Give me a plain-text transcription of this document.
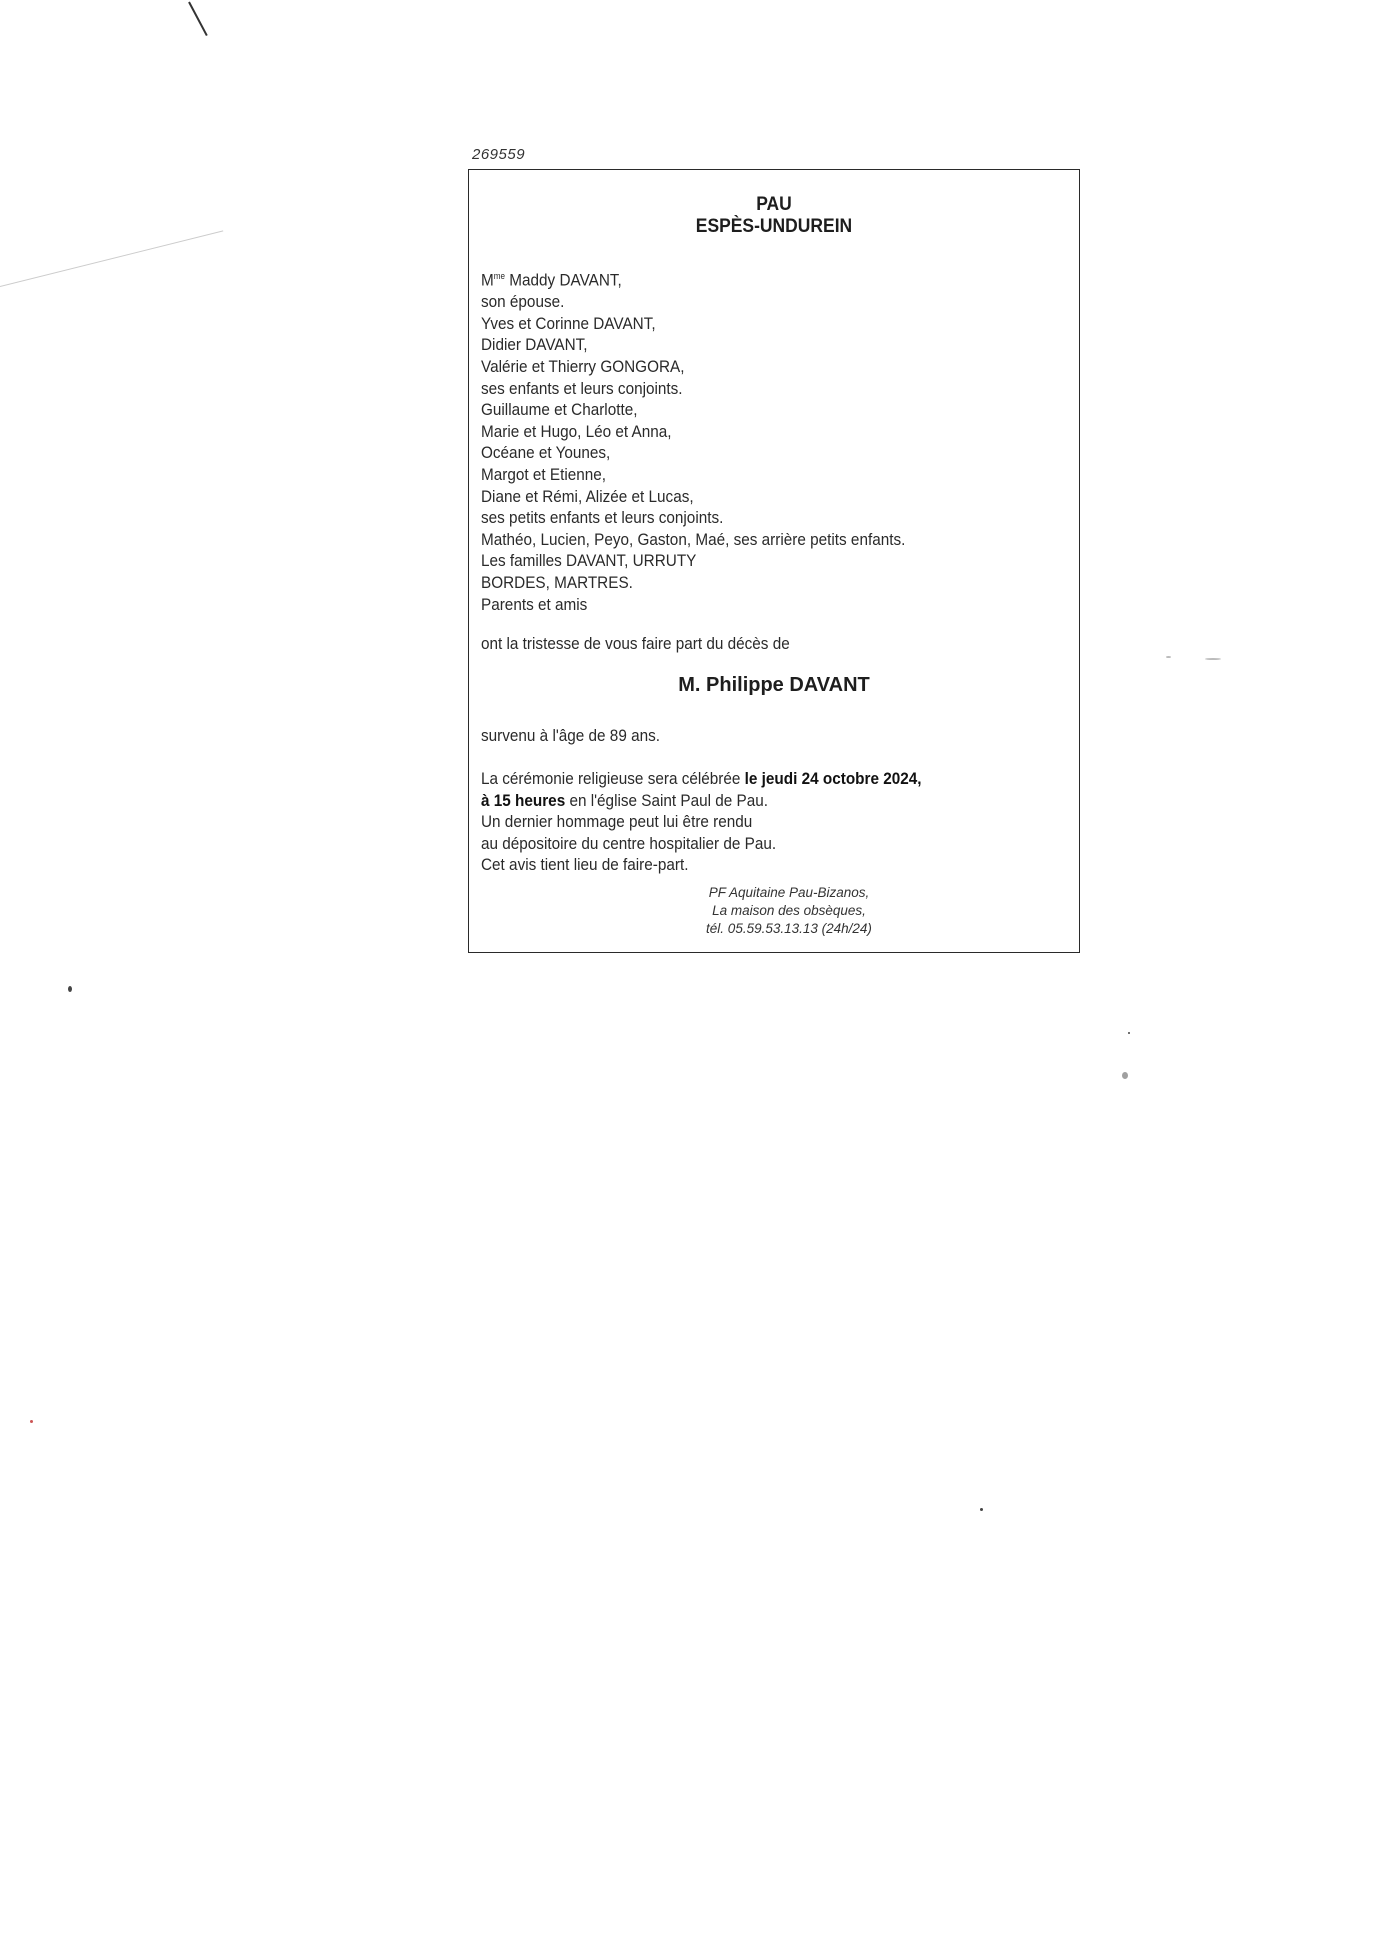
269559
PAU
ESPÈS-UNDUREIN
$M^{me}$ Maddy DAVANT,
son épouse.
Yves et Corinne DAVANT,
Didier DAVANT,
Valérie et Thierry GONGORA,
ses enfants et leurs conjoints.
Guillaume et Charlotte,
Marie et Hugo, Léo et Anna,
Océane et Younes,
Margot et Etienne,
Diane et Rémi, Alizée et Lucas,
ses petits enfants et leurs conjoints.
Mathéo, Lucien, Peyo, Gaston, Maé, ses arrière petits enfants.
Les familles DAVANT, URRUTY
BORDES, MARTRES.
Parents et amis
ont la tristesse de vous faire part du décès de
M. Philippe DAVANT
survenu à l'âge de 89 ans.
La cérémonie religieuse sera célébrée le jeudi 24 octobre 2024,
à 15 heures en l'église Saint Paul de Pau.
Un dernier hommage peut lui être rendu
au dépositoire du centre hospitalier de Pau.
Cet avis tient lieu de faire-part.
PF Aquitaine Pau-Bizanos,
La maison des obsèques,
tél. 05.59.53.13.13 (24h/24)
